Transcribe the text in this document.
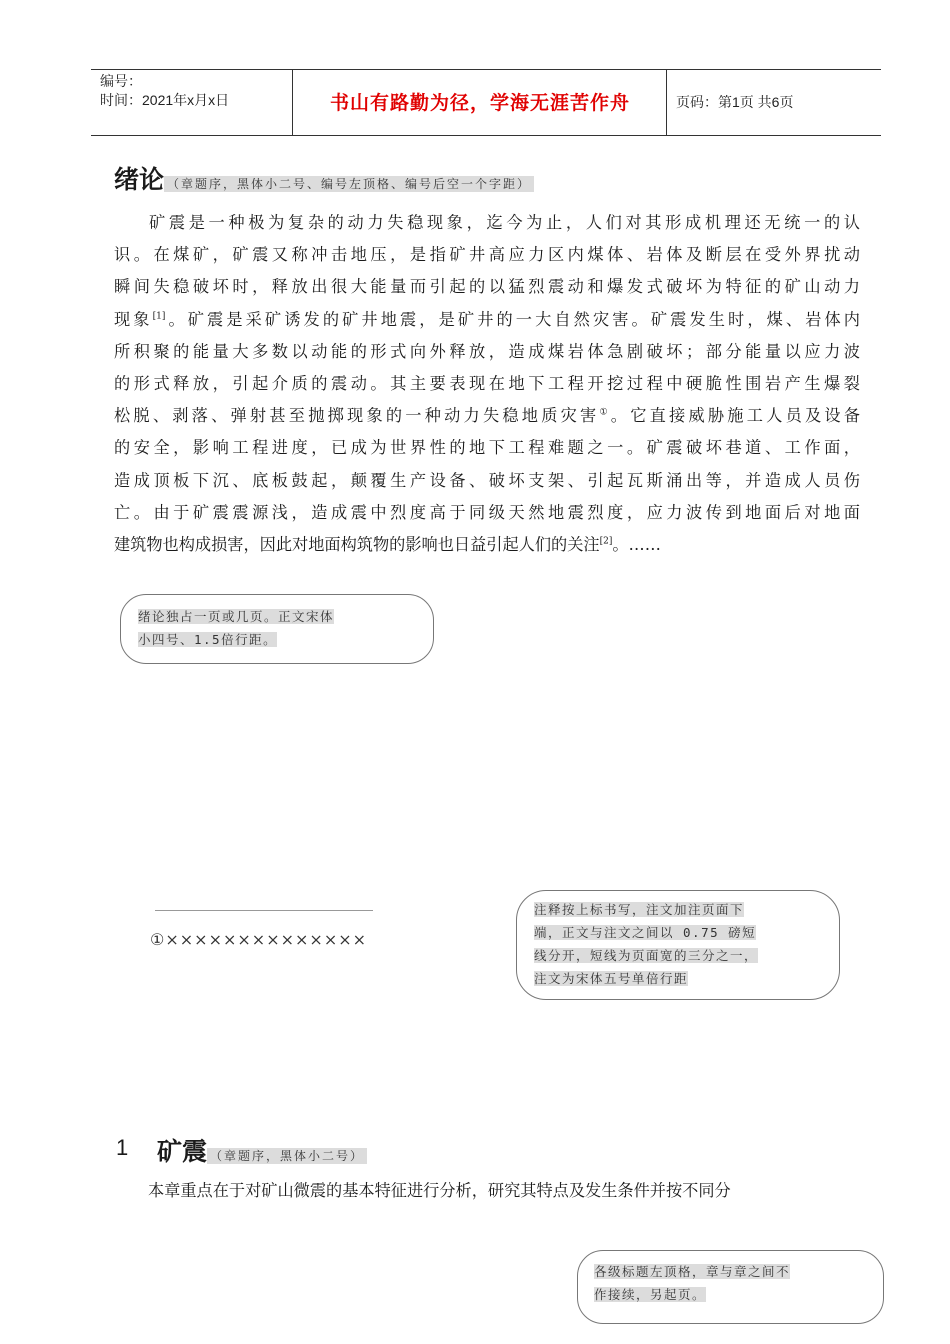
编号：
时间：2021年x月x日	书山有路勤为径，学海无涯苦作舟	页码：第1页 共6页
绪论 （章题序，黑体小二号、编号左顶格、编号后空一个字距）
矿震是一种极为复杂的动力失稳现象，迄今为止，人们对其形成机理还无统一的认
识。在煤矿，矿震又称冲击地压，是指矿井高应力区内煤体、岩体及断层在受外界扰动
瞬间失稳破坏时，释放出很大能量而引起的以猛烈震动和爆发式破坏为特征的矿山动力
现象[1]。矿震是采矿诱发的矿井地震，是矿井的一大自然灾害。矿震发生时，煤、岩体内
所积聚的能量大多数以动能的形式向外释放，造成煤岩体急剧破坏；部分能量以应力波
的形式释放，引起介质的震动。其主要表现在地下工程开挖过程中硬脆性围岩产生爆裂
松脱、剥落、弹射甚至抛掷现象的一种动力失稳地质灾害①。它直接威胁施工人员及设备
的安全，影响工程进度，已成为世界性的地下工程难题之一。矿震破坏巷道、工作面，
造成顶板下沉、底板鼓起，颠覆生产设备、破坏支架、引起瓦斯涌出等，并造成人员伤
亡。由于矿震震源浅，造成震中烈度高于同级天然地震烈度，应力波传到地面后对地面
建筑物也构成损害，因此对地面构筑物的影响也日益引起人们的关注[2]。……
绪论独占一页或几页。正文宋体
小四号、1.5倍行距。
①××××××××××××××
注释按上标书写，注文加注页面下
端，正文与注文之间以 0.75 磅短
线分开，短线为页面宽的三分之一，
注文为宋体五号单倍行距
1 矿震 （章题序，黑体小二号）
本章重点在于对矿山微震的基本特征进行分析，研究其特点及发生条件并按不同分
各级标题左顶格，章与章之间不
作接续，另起页。
